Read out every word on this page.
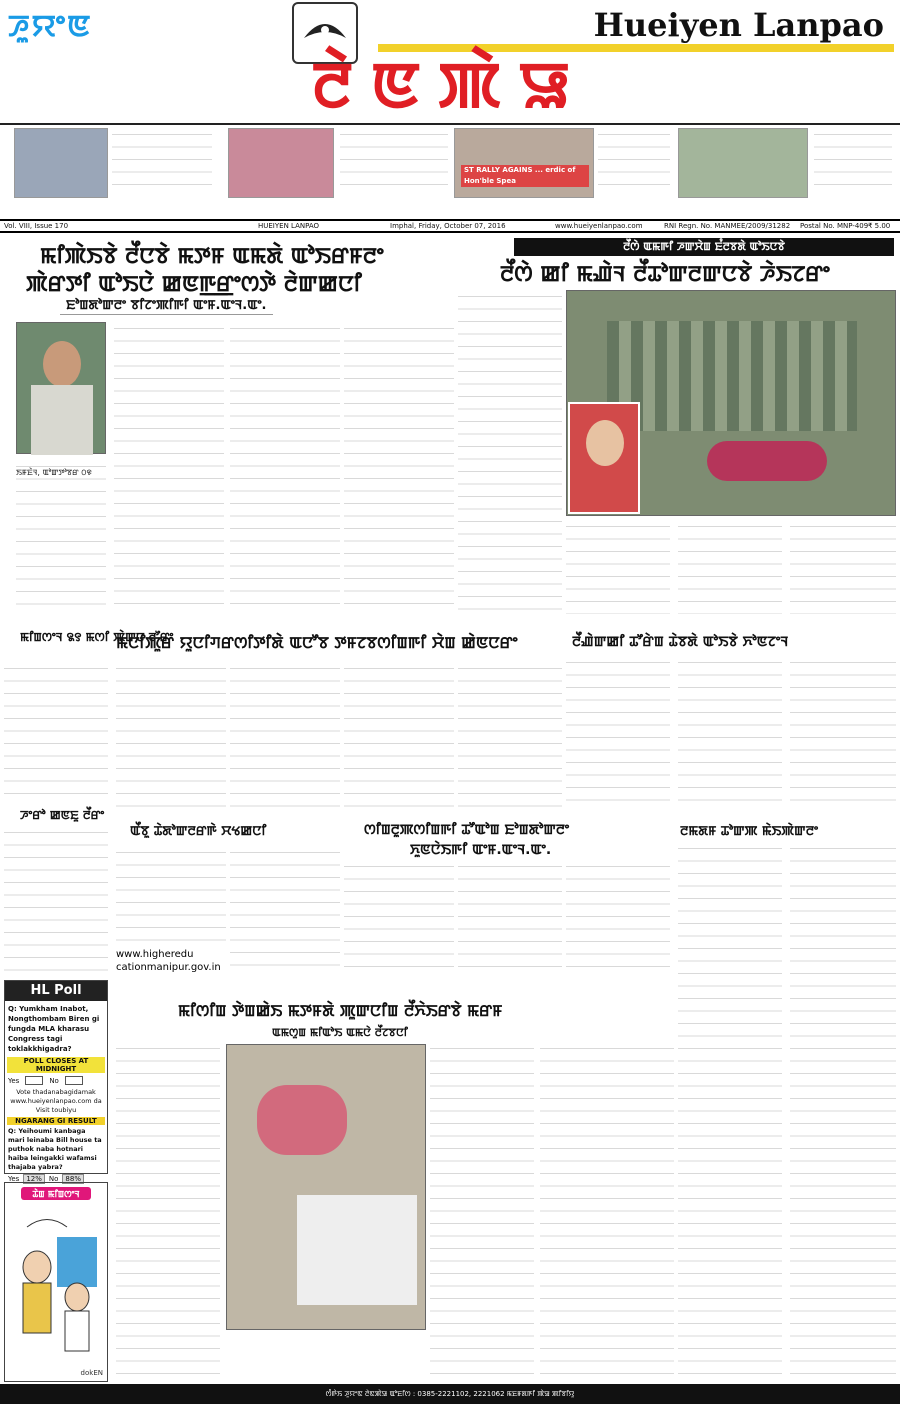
ꯍꯨꯌꯦꯟ	Hueiyen Lanpao
ꯂꯥꯟꯄꯥꯎ
ST RALLY AGAINS ... erdic of Hon'ble Spea
Vol. VIII, Issue 170	HUEIYEN LANPAO	Imphal, Friday, October 07, 2016	www.hueiyenlanpao.com	RNI Regn. No. MANMEE/2009/31282 Postal No. MNP-409 ₹ 5.00
ꯃꯤꯄꯥꯏꯕꯥ ꯂꯩꯅꯕꯥ ꯃꯇꯝ ꯑꯃꯗꯥ ꯑꯣꯏꯔꯝꯂꯦ
ꯄꯥꯔꯇꯤ ꯑꯣꯏꯅꯥ ꯀꯟꯒ꯭ꯔꯦꯁꯇꯥ ꯂꯥꯛꯀꯅꯤ
ꯐꯣꯡꯗꯣꯛꯂꯦ ꯕꯤꯖꯦꯄꯤꯒꯤ ꯑꯦꯝ.ꯑꯦꯜ.ꯑꯦ.
ꯏꯝꯐꯥꯜ, ꯑꯣꯛꯇꯣꯕꯔ ꯰꯶
ꯂꯩꯁꯥ ꯑꯃꯒꯤ ꯍꯛꯆꯥꯡ ꯐꯪꯂꯕꯗꯥ ꯑꯣꯏꯅꯕꯥ
ꯂꯩꯁꯥ ꯀꯤ ꯃꯉꯥꯜ ꯂꯩꯊꯣꯛꯂꯛꯅꯕꯥ ꯍꯥꯏꯖꯔꯦ
ꯃꯤꯡꯁꯦꯜ ꯲꯱ ꯃꯁꯤ ꯄꯥꯛꯅ ꯂꯧꯔꯦ
ꯍꯦꯔꯣ ꯀꯟꯐꯨ ꯂꯩꯔꯦ
ꯃꯅꯤꯄꯨꯔ ꯌꯨꯅꯤꯚꯔꯁꯤꯇꯤꯗꯥ ꯑꯅꯧꯕ ꯇꯝꯖꯕꯁꯤꯡꯒꯤ ꯆꯥꯡ ꯀꯥꯟꯅꯔꯦ	ꯂꯩꯉꯥꯛꯀꯤ ꯊꯧꯔꯥꯡ ꯊꯥꯕꯗꯥ ꯑꯣꯏꯕꯥ ꯈꯣꯟꯖꯦꯜ
ꯑꯩꯕꯨ ꯊꯥꯗꯣꯛꯂꯔꯒꯥ ꯆꯠꯀꯅꯤ
www.higheredu cationmanipur.gov.in
ꯁꯤꯡꯂꯨꯄꯁꯤꯡꯒꯤ ꯊꯧꯑꯣꯡ ꯐꯣꯡꯗꯣꯛꯂꯦ
ꯈꯨꯟꯅꯥꯏꯒꯤ ꯑꯦꯝ.ꯑꯦꯜ.ꯑꯦ.
ꯂꯃꯗꯝ ꯊꯣꯛꯄ ꯃꯥꯏꯄꯥꯛꯂꯦ
HL Poll
Q: Yumkham Inabot, Nongthombam Biren gi fungda MLA kharasu Congress tagi toklakkhigadra?
POLL CLOSES AT MIDNIGHT
Yes	No
Vote thadanabagidamak www.hueiyenlanpao.com da Visit toubiyu
NGARANG GI RESULT
Q: Yeihoumi kanbaga mari leinaba Bill house ta puthok naba hotnari haiba leingakki wafamsi thajaba yabra?
Yes	12%	No	88%
ꯊꯥꯡ ꯃꯤꯡꯁꯦꯜ
dokEN
ꯃꯤꯁꯤꯡ ꯇꯥꯡꯀꯥꯏ ꯃꯇꯝꯗꯥ ꯄꯨꯛꯅꯤꯡ ꯂꯩꯈꯥꯏꯔꯕꯥ ꯃꯔꯝ
ꯑꯃꯁꯨꯡ ꯃꯤꯑꯣꯏ ꯑꯃꯅꯥ ꯂꯩꯖꯕꯅꯤ
ꯁꯪꯒꯥꯏ ꯍꯨꯌꯦꯟ ꯂꯥꯟꯄꯥꯎ ꯑꯣꯐꯤꯁ : 0385-2221102, 2221062 ꯃꯐꯝꯗꯒꯤ ꯄꯥꯎ ꯄꯤꯕꯤꯌꯨ
